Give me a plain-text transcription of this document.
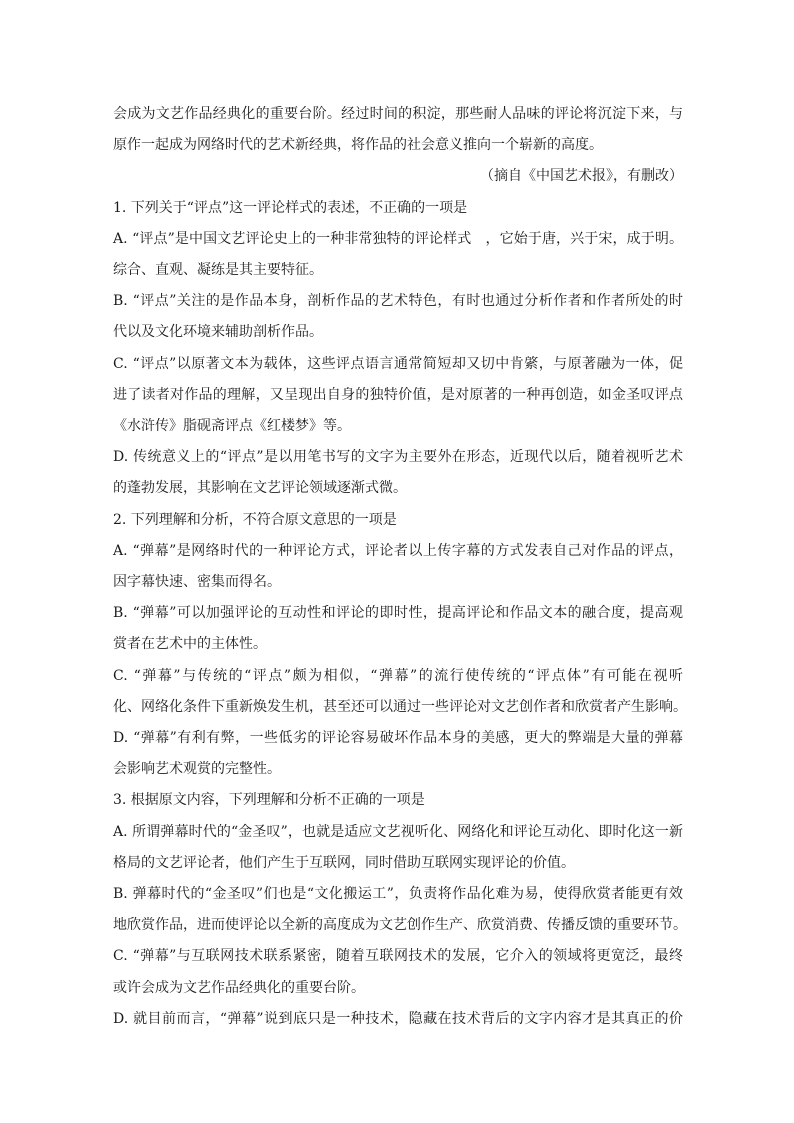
会成为文艺作品经典化的重要台阶。经过时间的积淀，那些耐人品味的评论将沉淀下来，与
原作一起成为网络时代的艺术新经典，将作品的社会意义推向一个崭新的高度。
（摘自《中国艺术报》，有删改）
1. 下列关于“评点”这一评论样式的表述，不正确的一项是
A. “评点”是中国文艺评论史上的一种非常独特的评论样式　，它始于唐，兴于宋，成于明。
综合、直观、凝练是其主要特征。
B. “评点”关注的是作品本身，剖析作品的艺术特色，有时也通过分析作者和作者所处的时
代以及文化环境来辅助剖析作品。
C. “评点”以原著文本为载体，这些评点语言通常简短却又切中肯綮，与原著融为一体，促
进了读者对作品的理解，又呈现出自身的独特价值，是对原著的一种再创造，如金圣叹评点
《水浒传》脂砚斋评点《红楼梦》等。
D. 传统意义上的“评点”是以用笔书写的文字为主要外在形态，近现代以后，随着视听艺术
的蓬勃发展，其影响在文艺评论领域逐渐式微。
2. 下列理解和分析，不符合原文意思的一项是
A. “弹幕”是网络时代的一种评论方式，评论者以上传字幕的方式发表自己对作品的评点，
因字幕快速、密集而得名。
B. “弹幕”可以加强评论的互动性和评论的即时性，提高评论和作品文本的融合度，提高观
赏者在艺术中的主体性。
C. “弹幕”与传统的“评点”颇为相似，“弹幕”的流行使传统的“评点体”有可能在视听
化、网络化条件下重新焕发生机，甚至还可以通过一些评论对文艺创作者和欣赏者产生影响。
D. “弹幕”有利有弊，一些低劣的评论容易破坏作品本身的美感，更大的弊端是大量的弹幕
会影响艺术观赏的完整性。
3. 根据原文内容，下列理解和分析不正确的一项是
A. 所谓弹幕时代的“金圣叹”，也就是适应文艺视听化、网络化和评论互动化、即时化这一新
格局的文艺评论者，他们产生于互联网，同时借助互联网实现评论的价值。
B. 弹幕时代的“金圣叹”们也是“文化搬运工”，负责将作品化难为易，使得欣赏者能更有效
地欣赏作品，进而使评论以全新的高度成为文艺创作生产、欣赏消费、传播反馈的重要环节。
C. “弹幕”与互联网技术联系紧密，随着互联网技术的发展，它介入的领域将更宽泛，最终
或许会成为文艺作品经典化的重要台阶。
D. 就目前而言，“弹幕”说到底只是一种技术，隐藏在技术背后的文字内容才是其真正的价
